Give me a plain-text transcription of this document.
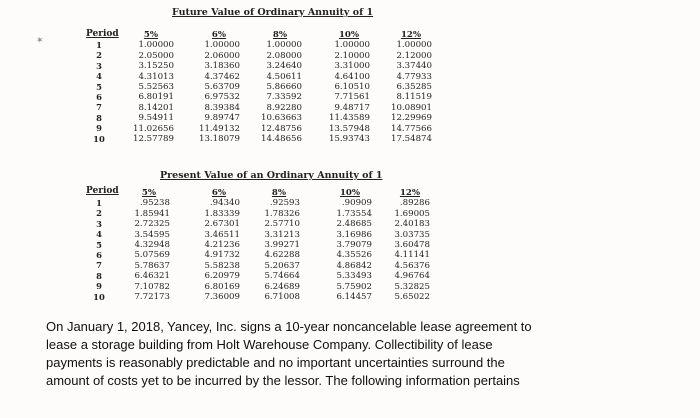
✶
Future Value of Ordinary Annuity of 1
Period
1
2
3
4
5
6
7
8
9
10
5%
1.00000
2.05000
3.15250
4.31013
5.52563
6.80191
8.14201
9.54911
11.02656
12.57789
6%
1.00000
2.06000
3.18360
4.37462
5.63709
6.97532
8.39384
9.89747
11.49132
13.18079
8%
1.00000
2.08000
3.24640
4.50611
5.86660
7.33592
8.92280
10.63663
12.48756
14.48656
10%
1.00000
2.10000
3.31000
4.64100
6.10510
7.71561
9.48717
11.43589
13.57948
15.93743
12%
1.00000
2.12000
3.37440
4.77933
6.35285
8.11519
10.08901
12.29969
14.77566
17.54874
Present Value of an Ordinary Annuity of 1
Period
1
2
3
4
5
6
7
8
9
10
5%
.95238
1.85941
2.72325
3.54595
4.32948
5.07569
5.78637
6.46321
7.10782
7.72173
6%
.94340
1.83339
2.67301
3.46511
4.21236
4.91732
5.58238
6.20979
6.80169
7.36009
8%
.92593
1.78326
2.57710
3.31213
3.99271
4.62288
5.20637
5.74664
6.24689
6.71008
10%
.90909
1.73554
2.48685
3.16986
3.79079
4.35526
4.86842
5.33493
5.75902
6.14457
12%
.89286
1.69005
2.40183
3.03735
3.60478
4.11141
4.56376
4.96764
5.32825
5.65022

On January 1, 2018, Yancey, Inc. signs a 10-year noncancelable lease agreement to

lease a storage building from Holt Warehouse Company. Collectibility of lease

payments is reasonably predictable and no important uncertainties surround the

amount of costs yet to be incurred by the lessor. The following information pertains
